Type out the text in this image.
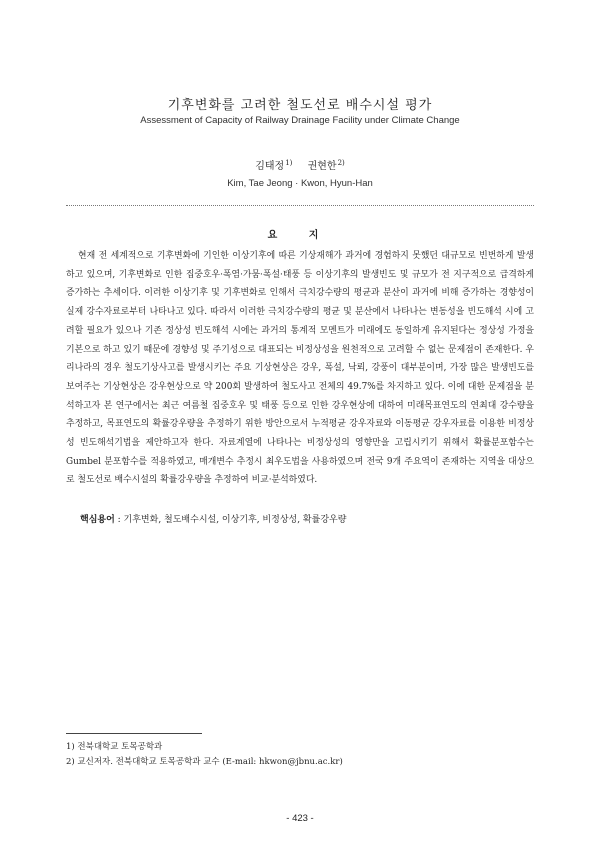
기후변화를 고려한 철도선로 배수시설 평가
Assessment of Capacity of Railway Drainage Facility under Climate Change
김태정$^{1)}$ 권현한$^{2)}$
Kim, Tae Jeong · Kwon, Hyun-Han
요 지

현재 전 세계적으로 기후변화에 기인한 이상기후에 따른 기상재해가 과거에 경험하지 못했던 대규모로 빈번하게 발생하고 있으며, 기후변화로 인한 집중호우·폭염·가뭄·폭설·태풍 등 이상기후의 발생빈도 및 규모가 전 지구적으로 급격하게 증가하는 추세이다. 이러한 이상기후 및 기후변화로 인해서 극치강수량의 평균과 분산이 과거에 비해 증가하는 경향성이 실제 강수자료로부터 나타나고 있다. 따라서 이러한 극치강수량의 평균 및 분산에서 나타나는 변동성을 빈도해석 시에 고려할 필요가 있으나 기존 정상성 빈도해석 시에는 과거의 통계적 모멘트가 미래에도 동일하게 유지된다는 정상성 가정을 기본으로 하고 있기 때문에 경향성 및 주기성으로 대표되는 비정상성을 원천적으로 고려할 수 없는 문제점이 존재한다. 우리나라의 경우 철도기상사고를 발생시키는 주요 기상현상은 강우, 폭설, 낙뢰, 강풍이 대부분이며, 가장 많은 발생빈도를 보여주는 기상현상은 강우현상으로 약 200회 발생하여 철도사고 전체의 49.7%를 차지하고 있다. 이에 대한 문제점을 분석하고자 본 연구에서는 최근 여름철 집중호우 및 태풍 등으로 인한 강우현상에 대하여 미래목표연도의 연최대 강수량을 추정하고, 목표연도의 확률강우량을 추정하기 위한 방안으로서 누적평균 강우자료와 이동평균 강우자료를 이용한 비정상성 빈도해석기법을 제안하고자 한다. 자료계열에 나타나는 비정상성의 영향만을 고립시키기 위해서 확률분포함수는 Gumbel 분포함수를 적용하였고, 매개변수 추정시 최우도법을 사용하였으며 전국 9개 주요역이 존재하는 지역을 대상으로 철도선로 배수시설의 확률강우량을 추정하여 비교·분석하였다.

핵심용어 : 기후변화, 철도배수시설, 이상기후, 비정상성, 확률강우량
1) 전북대학교 토목공학과
2) 교신저자. 전북대학교 토목공학과 교수 (E-mail: hkwon@jbnu.ac.kr)
- 423 -
